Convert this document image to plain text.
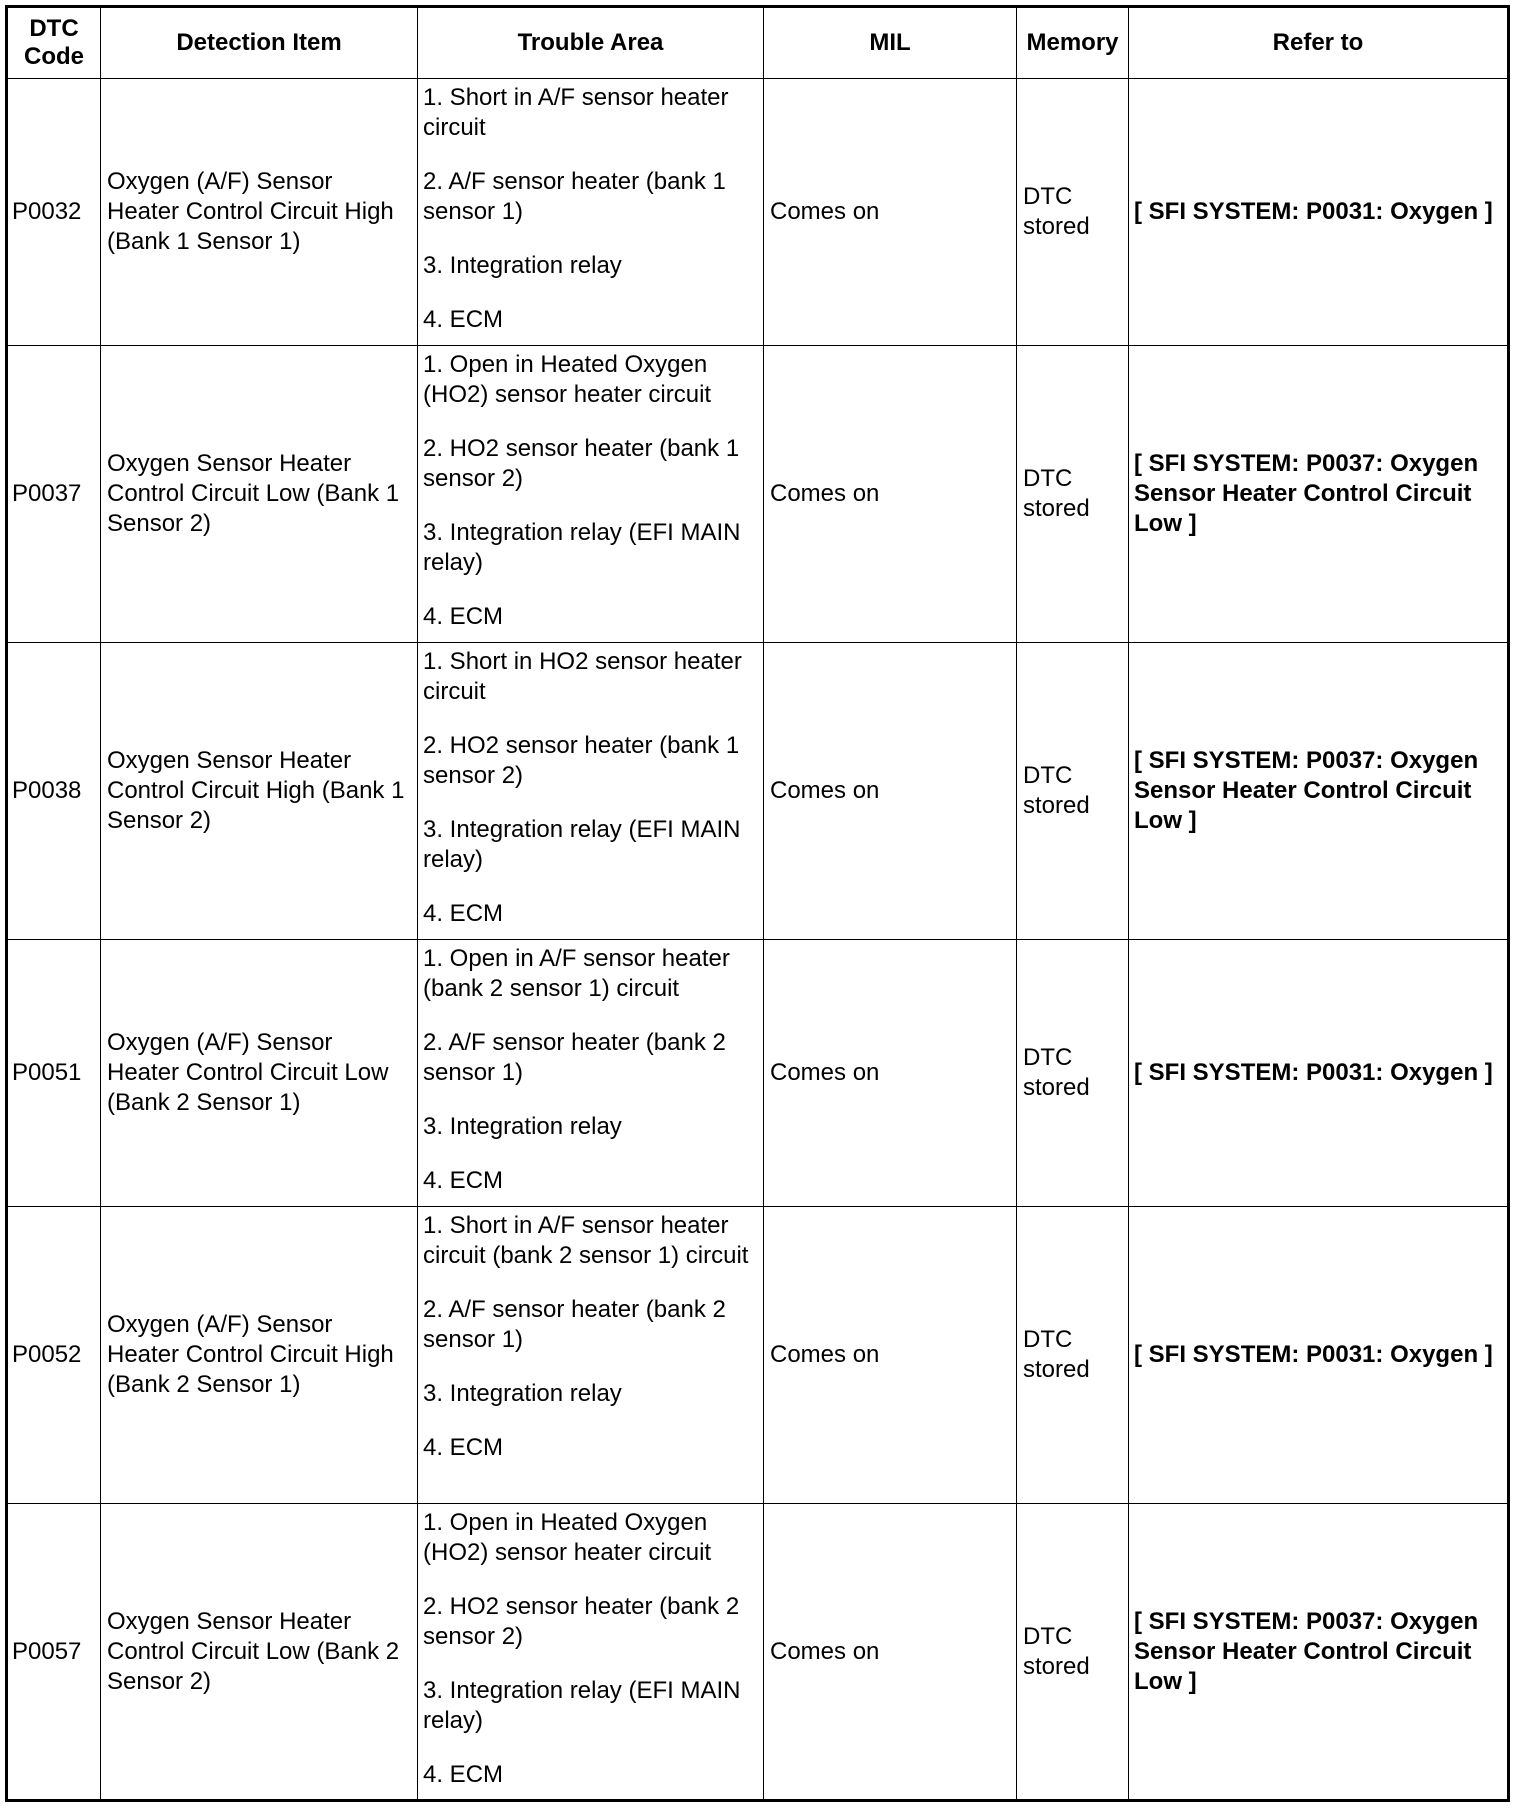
DTC Code	Detection Item	Trouble Area	MIL	Memory	Refer to
P0032	Oxygen (A/F) Sensor Heater Control Circuit High (Bank 1 Sensor 1)	1. Short in A/F sensor heater circuit

2. A/F sensor heater (bank 1 sensor 1)

3. Integration relay

4. ECM	Comes on	DTC stored	[ SFI SYSTEM: P0031: Oxygen ]
P0037	Oxygen Sensor Heater Control Circuit Low (Bank 1 Sensor 2)	1. Open in Heated Oxygen (HO2) sensor heater circuit

2. HO2 sensor heater (bank 1 sensor 2)

3. Integration relay (EFI MAIN relay)

4. ECM	Comes on	DTC stored	[ SFI SYSTEM: P0037: Oxygen Sensor Heater Control Circuit Low ]
P0038	Oxygen Sensor Heater Control Circuit High (Bank 1 Sensor 2)	1. Short in HO2 sensor heater circuit

2. HO2 sensor heater (bank 1 sensor 2)

3. Integration relay (EFI MAIN relay)

4. ECM	Comes on	DTC stored	[ SFI SYSTEM: P0037: Oxygen Sensor Heater Control Circuit Low ]
P0051	Oxygen (A/F) Sensor Heater Control Circuit Low (Bank 2 Sensor 1)	1. Open in A/F sensor heater (bank 2 sensor 1) circuit

2. A/F sensor heater (bank 2 sensor 1)

3. Integration relay

4. ECM	Comes on	DTC stored	[ SFI SYSTEM: P0031: Oxygen ]
P0052	Oxygen (A/F) Sensor Heater Control Circuit High (Bank 2 Sensor 1)	1. Short in A/F sensor heater circuit (bank 2 sensor 1) circuit

2. A/F sensor heater (bank 2 sensor 1)

3. Integration relay

4. ECM	Comes on	DTC stored	[ SFI SYSTEM: P0031: Oxygen ]
P0057	Oxygen Sensor Heater Control Circuit Low (Bank 2 Sensor 2)	1. Open in Heated Oxygen (HO2) sensor heater circuit

2. HO2 sensor heater (bank 2 sensor 2)

3. Integration relay (EFI MAIN relay)

4. ECM	Comes on	DTC stored	[ SFI SYSTEM: P0037: Oxygen Sensor Heater Control Circuit Low ]
